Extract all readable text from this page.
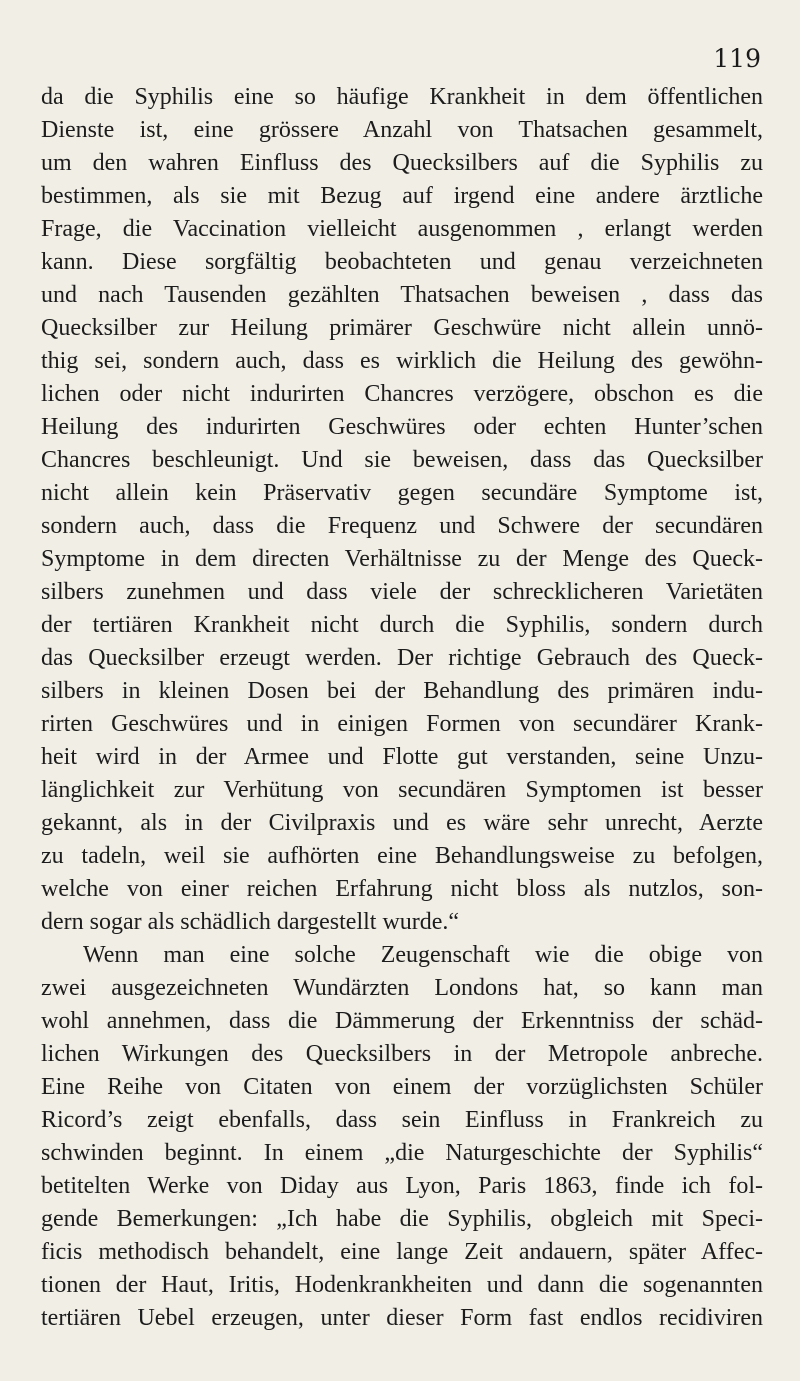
119
da die Syphilis eine so häufige Krankheit in dem öffentlichen
Dienste ist, eine grössere Anzahl von Thatsachen gesammelt,
um den wahren Einfluss des Quecksilbers auf die Syphilis zu
bestimmen, als sie mit Bezug auf irgend eine andere ärztliche
Frage, die Vaccination vielleicht ausgenommen , erlangt werden
kann. Diese sorgfältig beobachteten und genau verzeichneten
und nach Tausenden gezählten Thatsachen beweisen , dass das
Quecksilber zur Heilung primärer Geschwüre nicht allein unnö-
thig sei, sondern auch, dass es wirklich die Heilung des gewöhn-
lichen oder nicht indurirten Chancres verzögere, obschon es die
Heilung des indurirten Geschwüres oder echten Hunter’schen
Chancres beschleunigt. Und sie beweisen, dass das Quecksilber
nicht allein kein Präservativ gegen secundäre Symptome ist,
sondern auch, dass die Frequenz und Schwere der secundären
Symptome in dem directen Verhältnisse zu der Menge des Queck-
silbers zunehmen und dass viele der schrecklicheren Varietäten
der tertiären Krankheit nicht durch die Syphilis, sondern durch
das Quecksilber erzeugt werden. Der richtige Gebrauch des Queck-
silbers in kleinen Dosen bei der Behandlung des primären indu-
rirten Geschwüres und in einigen Formen von secundärer Krank-
heit wird in der Armee und Flotte gut verstanden, seine Unzu-
länglichkeit zur Verhütung von secundären Symptomen ist besser
gekannt, als in der Civilpraxis und es wäre sehr unrecht, Aerzte
zu tadeln, weil sie aufhörten eine Behandlungsweise zu befolgen,
welche von einer reichen Erfahrung nicht bloss als nutzlos, son-
dern sogar als schädlich dargestellt wurde.“
Wenn man eine solche Zeugenschaft wie die obige von
zwei ausgezeichneten Wundärzten Londons hat, so kann man
wohl annehmen, dass die Dämmerung der Erkenntniss der schäd-
lichen Wirkungen des Quecksilbers in der Metropole anbreche.
Eine Reihe von Citaten von einem der vorzüglichsten Schüler
Ricord’s zeigt ebenfalls, dass sein Einfluss in Frankreich zu
schwinden beginnt. In einem „die Naturgeschichte der Syphilis“
betitelten Werke von Diday aus Lyon, Paris 1863, finde ich fol-
gende Bemerkungen: „Ich habe die Syphilis, obgleich mit Speci-
ficis methodisch behandelt, eine lange Zeit andauern, später Affec-
tionen der Haut, Iritis, Hodenkrankheiten und dann die sogenannten
tertiären Uebel erzeugen, unter dieser Form fast endlos recidiviren
